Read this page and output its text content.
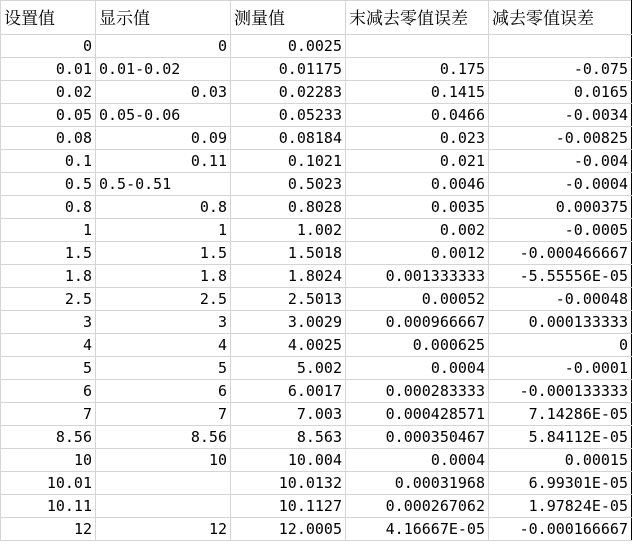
设置值	显示值	测量值	末减去零值误差	减去零值误差
0	0	0.0025		
0.01	0.01-0.02	0.01175	0.175	-0.075
0.02	0.03	0.02283	0.1415	0.0165
0.05	0.05-0.06	0.05233	0.0466	-0.0034
0.08	0.09	0.08184	0.023	-0.00825
0.1	0.11	0.1021	0.021	-0.004
0.5	0.5-0.51	0.5023	0.0046	-0.0004
0.8	0.8	0.8028	0.0035	0.000375
1	1	1.002	0.002	-0.0005
1.5	1.5	1.5018	0.0012	-0.000466667
1.8	1.8	1.8024	0.001333333	-5.55556E-05
2.5	2.5	2.5013	0.00052	-0.00048
3	3	3.0029	0.000966667	0.000133333
4	4	4.0025	0.000625	0
5	5	5.002	0.0004	-0.0001
6	6	6.0017	0.000283333	-0.000133333
7	7	7.003	0.000428571	7.14286E-05
8.56	8.56	8.563	0.000350467	5.84112E-05
10	10	10.004	0.0004	0.00015
10.01		10.0132	0.00031968	6.99301E-05
10.11		10.1127	0.000267062	1.97824E-05
12	12	12.0005	4.16667E-05	-0.000166667
